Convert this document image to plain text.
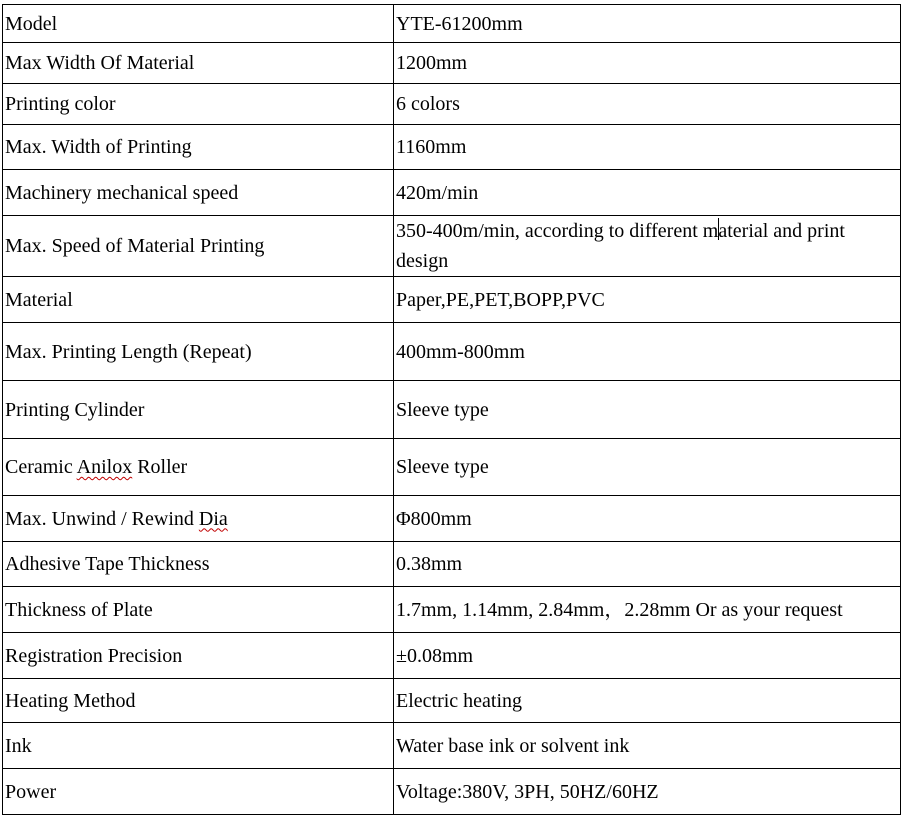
Model	YTE-61200mm
Max Width Of Material	1200mm
Printing color	6 colors
Max. Width of Printing	1160mm
Machinery mechanical speed	420m/min
Max. Speed of Material Printing	350-400m/min, according to different material and print design
Material	Paper,PE,PET,BOPP,PVC
Max. Printing Length (Repeat)	400mm-800mm
Printing Cylinder	Sleeve type
Ceramic Anilox Roller	Sleeve type
Max. Unwind / Rewind Dia	Φ800mm
Adhesive Tape Thickness	0.38mm
Thickness of Plate	1.7mm, 1.14mm, 2.84mm，2.28mm Or as your request
Registration Precision	±0.08mm
Heating Method	Electric heating
Ink	Water base ink or solvent ink
Power	Voltage:380V, 3PH, 50HZ/60HZ
